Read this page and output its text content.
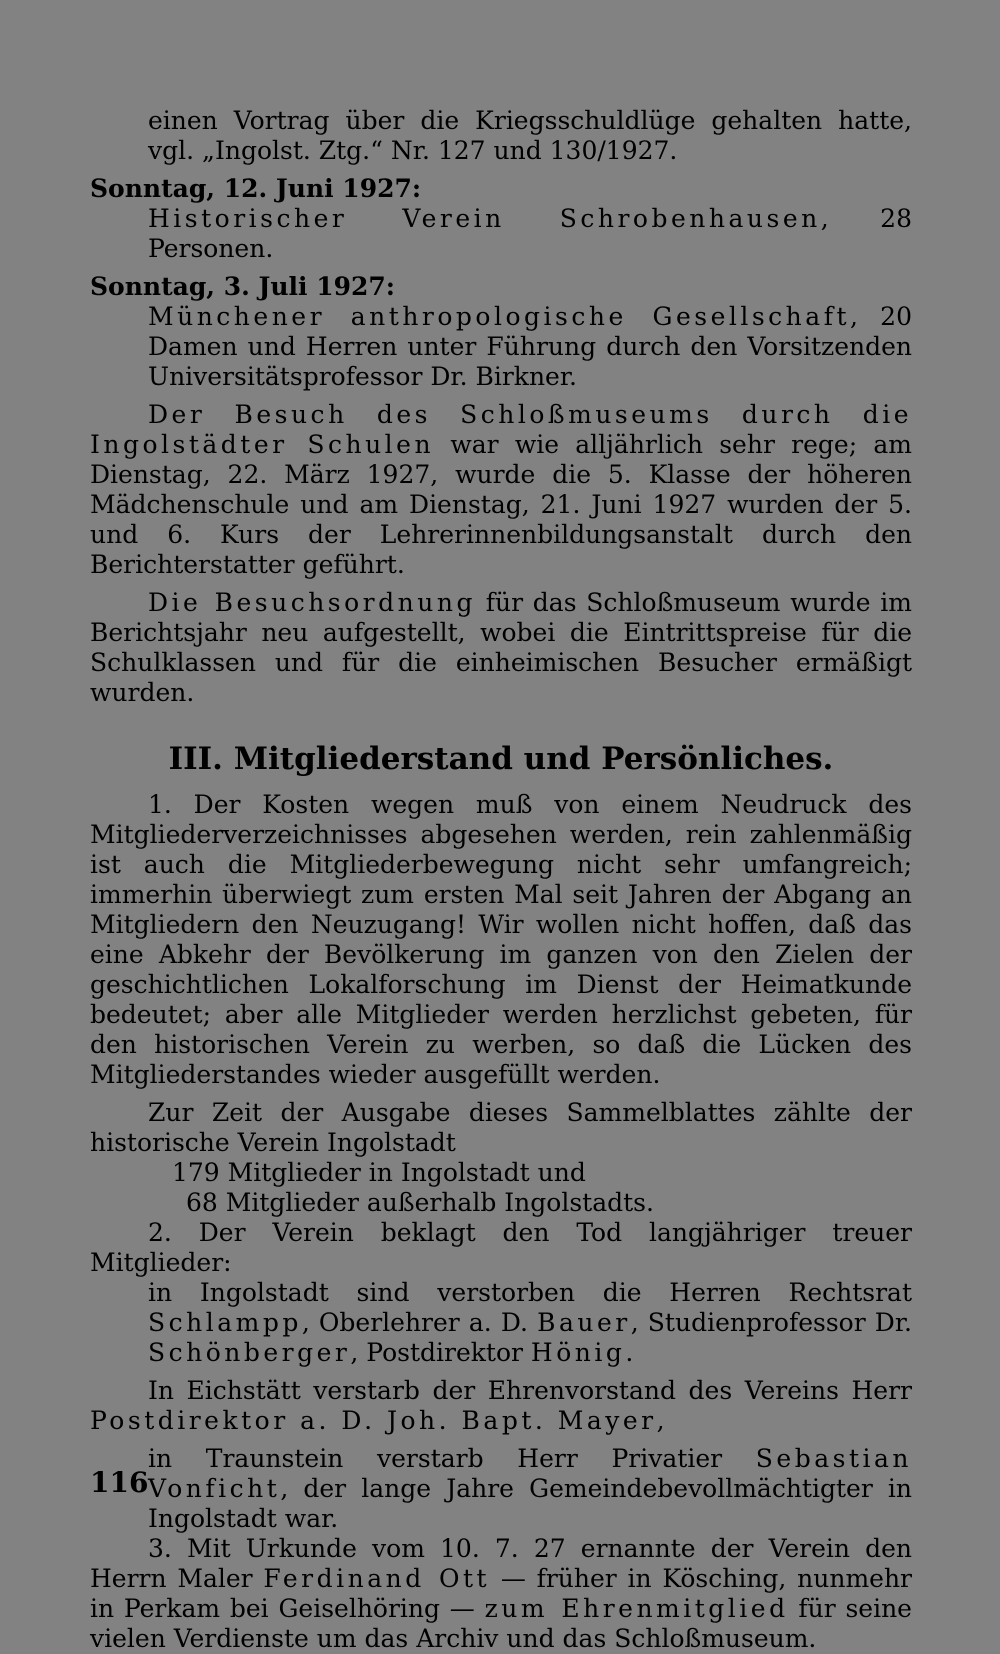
einen Vortrag über die Kriegsschuldlüge gehalten hatte, vgl. „Ingolst. Ztg.“ Nr. 127 und 130/1927.

Sonntag, 12. Juni 1927:

Historischer Verein Schrobenhausen, 28 Personen.

Sonntag, 3. Juli 1927:

Münchener anthropologische Gesellschaft, 20 Damen und Herren unter Führung durch den Vorsitzenden Universitätsprofessor Dr. Birkner.

Der Besuch des Schloßmuseums durch die Ingolstädter Schulen war wie alljährlich sehr rege; am Dienstag, 22. März 1927, wurde die 5. Klasse der höheren Mädchenschule und am Dienstag, 21. Juni 1927 wurden der 5. und 6. Kurs der Lehrerinnenbildungsanstalt durch den Berichterstatter geführt.

Die Besuchsordnung für das Schloßmuseum wurde im Berichtsjahr neu aufgestellt, wobei die Eintrittspreise für die Schulklassen und für die einheimischen Besucher ermäßigt wurden.

III. Mitgliederstand und Persönliches.

1. Der Kosten wegen muß von einem Neudruck des Mitgliederverzeichnisses abgesehen werden, rein zahlenmäßig ist auch die Mitgliederbewegung nicht sehr umfangreich; immerhin überwiegt zum ersten Mal seit Jahren der Abgang an Mitgliedern den Neuzugang! Wir wollen nicht hoffen, daß das eine Abkehr der Bevölkerung im ganzen von den Zielen der geschichtlichen Lokalforschung im Dienst der Heimatkunde bedeutet; aber alle Mitglieder werden herzlichst gebeten, für den historischen Verein zu werben, so daß die Lücken des Mitgliederstandes wieder ausgefüllt werden.

Zur Zeit der Ausgabe dieses Sammelblattes zählte der historische Verein Ingolstadt

179 Mitglieder in Ingolstadt und

68 Mitglieder außerhalb Ingolstadts.

2. Der Verein beklagt den Tod langjähriger treuer Mitglieder:

in Ingolstadt sind verstorben die Herren Rechtsrat Schlampp, Oberlehrer a. D. Bauer, Studienprofessor Dr. Schönberger, Postdirektor Hönig.

In Eichstätt verstarb der Ehrenvorstand des Vereins Herr Postdirektor a. D. Joh. Bapt. Mayer,

in Traunstein verstarb Herr Privatier Sebastian Vonficht, der lange Jahre Gemeindebevollmächtigter in Ingolstadt war.

3. Mit Urkunde vom 10. 7. 27 ernannte der Verein den Herrn Maler Ferdinand Ott — früher in Kösching, nunmehr in Perkam bei Geiselhöring — zum Ehrenmitglied für seine vielen Verdienste um das Archiv und das Schloßmuseum.

116
